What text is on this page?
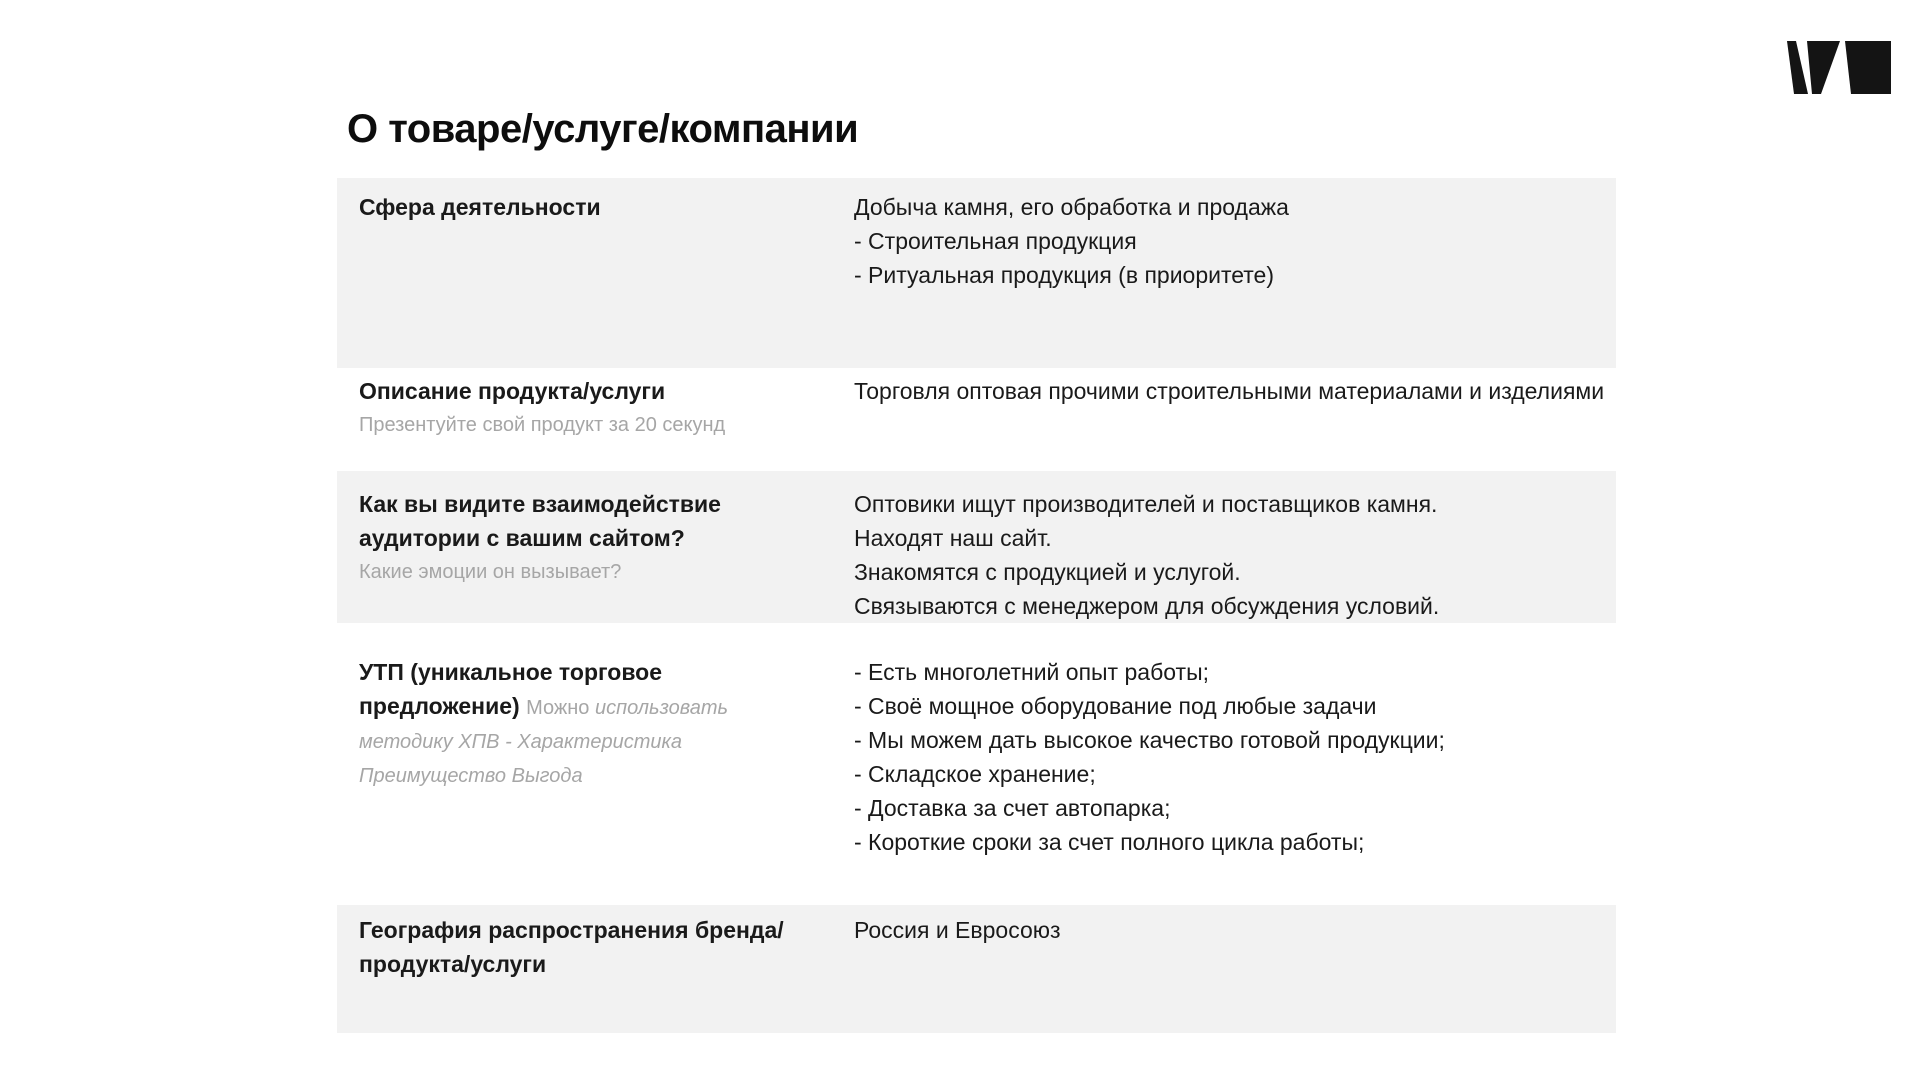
О товаре/услуге/компании
Сфера деятельности	Добыча камня, его обработка и продажа
- Строительная продукция
- Ритуальная продукция (в приоритете)
Описание продукта/услуги
Презентуйте свой продукт за 20 секунд
Торговля оптовая прочими строительными материалами и изделиями
Как вы видите взаимодействие аудитории с вашим сайтом?
Какие эмоции он вызывает?
Оптовики ищут производителей и поставщиков камня.
Находят наш сайт.
Знакомятся с продукцией и услугой.
Связываются с менеджером для обсуждения условий.
УТП (уникальное торговое предложение) Можно использовать методику ХПВ - Характеристика Преимущество Выгода
- Есть многолетний опыт работы;
- Своё мощное оборудование под любые задачи
- Мы можем дать высокое качество готовой продукции;
- Складское хранение;
- Доставка за счет автопарка;
- Короткие сроки за счет полного цикла работы;
География распространения бренда/продукта/услуги
Россия и Евросоюз
